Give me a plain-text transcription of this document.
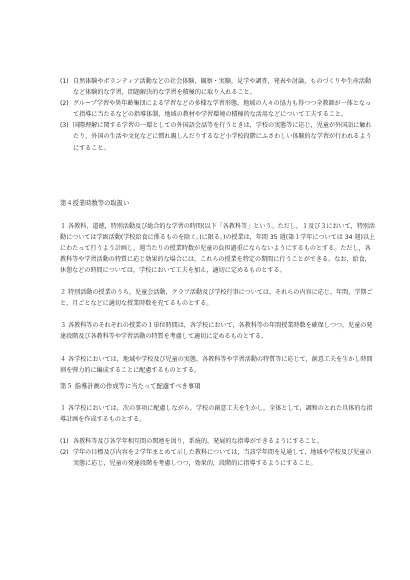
(1) 自然体験やボランティア活動などの社会体験，観察・実験，見学や調査，発表や討論，ものづくりや生産活動など体験的な学習，問題解決的な学習を積極的に取り入れること。
(2) グループ学習や異年齢集団による学習などの多様な学習形態，地域の人々の協力も得つつ全教師が一体となって指導に当たるなどの指導体制，地域の教材や学習環境の積極的な活用などについて工夫すること。
(3) 国際理解に関する学習の一環としての外国語会話等を行うときは，学校の実態等に応じ，児童が外国語に触れたり，外国の生活や文化などに慣れ親しんだりするなど小学校段階にふさわしい体験的な学習が行われるようにすること。

第４授業時数等の取扱い

１ 各教科，道徳，特別活動及び総合的な学習の時間(以下「各教科等」という。ただし，１及び３において，特別活動については学級活動(学校給食に係るものを除く。)に限る。)の授業は，年間 35 週(第１学年については 34 週)以上にわたって行うよう計画し，週当たりの授業時数が児童の負担過重にならないようにするものとする。ただし，各教科等や学習活動の特質に応じ効果的な場合には，これらの授業を特定の期間に行うことができる。なお，給食，休憩などの時間については，学校において工夫を加え，適切に定めるものとする。

２ 特別活動の授業のうち，児童会活動，クラブ活動及び学校行事については，それらの内容に応じ，年間，学期ごと，月ごとなどに適切な授業時数を充てるものとする。

３ 各教科等のそれぞれの授業の１単位時間は，各学校において，各教科等の年間授業時数を確保しつつ，児童の発達段階及び各教科等や学習活動の特質を考慮して適切に定めるものとする。

４ 各学校においては，地域や学校及び児童の実態，各教科等や学習活動の特質等に応じて，創意工夫を生かし時間割を弾力的に編成することに配慮するものとする。

第５ 指導計画の作成等に当たって配慮すべき事項

１ 各学校においては，次の事項に配慮しながら，学校の創意工夫を生かし，全体として，調和のとれた具体的な指導計画を作成するものとする。

(1) 各教科等及び各学年相互間の関連を図り，系統的，発展的な指導ができるようにすること。
(2) 学年の目標及び内容を２学年まとめて示した教科については，当該学年間を見通して，地域や学校及び児童の実態に応じ，児童の発達段階を考慮しつつ，効果的，段階的に指導するようにすること。
